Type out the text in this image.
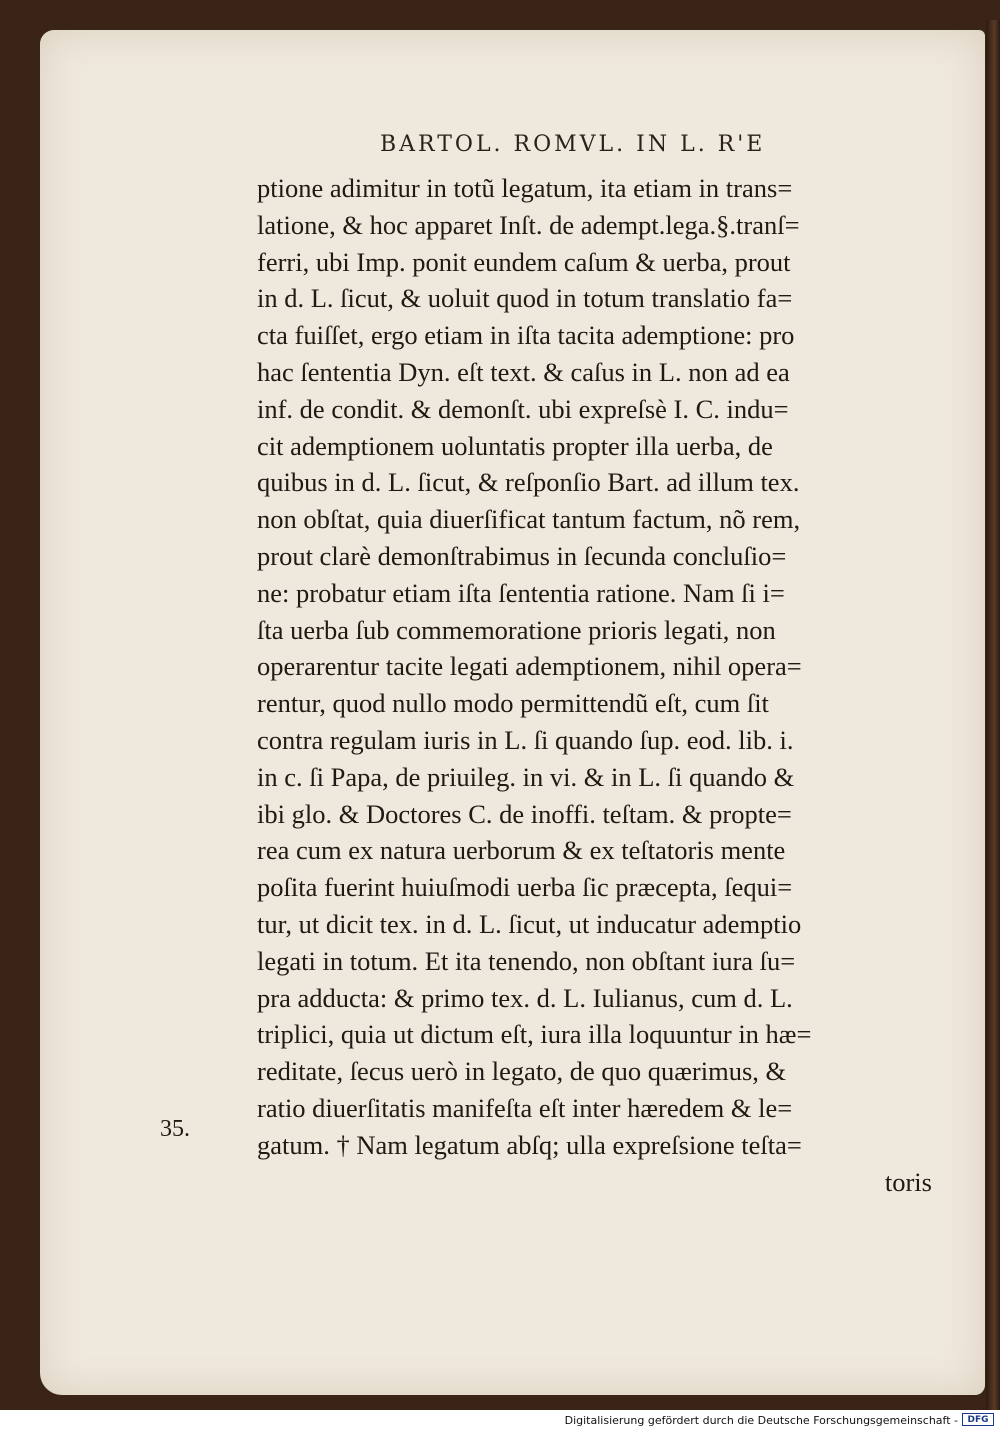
BARTOL. ROMVL. IN L. R'E
35.
ptione adimitur in totũ legatum, ita etiam in trans=
latione, & hoc apparet Inſt. de adempt.lega.§.tranſ=
ferri, ubi Imp. ponit eundem caſum & uerba, prout
in d. L. ſicut, & uoluit quod in totum translatio fa=
cta fuiſſet, ergo etiam in iſta tacita ademptione: pro
hac ſententia Dyn. eſt text. & caſus in L. non ad ea
inf. de condit. & demonſt. ubi expreſsè I. C. indu=
cit ademptionem uoluntatis propter illa uerba, de
quibus in d. L. ſicut, & reſponſio Bart. ad illum tex.
non obſtat, quia diuerſificat tantum factum, nõ rem,
prout clarè demonſtrabimus in ſecunda concluſio=
ne: probatur etiam iſta ſententia ratione. Nam ſi i=
ſta uerba ſub commemoratione prioris legati, non
operarentur tacite legati ademptionem, nihil opera=
rentur, quod nullo modo permittendũ eſt, cum ſit
contra regulam iuris in L. ſi quando ſup. eod. lib. i.
in c. ſi Papa, de priuileg. in vi. & in L. ſi quando &
ibi glo. & Doctores C. de inoffi. teſtam. & propte=
rea cum ex natura uerborum & ex teſtatoris mente
poſita fuerint huiuſmodi uerba ſic præcepta, ſequi=
tur, ut dicit tex. in d. L. ſicut, ut inducatur ademptio
legati in totum. Et ita tenendo, non obſtant iura ſu=
pra adducta: & primo tex. d. L. Iulianus, cum d. L.
triplici, quia ut dictum eſt, iura illa loquuntur in hæ=
reditate, ſecus uerò in legato, de quo quærimus, &
ratio diuerſitatis manifeſta eſt inter hæredem & le=
gatum. † Nam legatum abſq; ulla expreſsione teſta=
toris
Digitalisierung gefördert durch die Deutsche Forschungsgemeinschaft -	DFG
